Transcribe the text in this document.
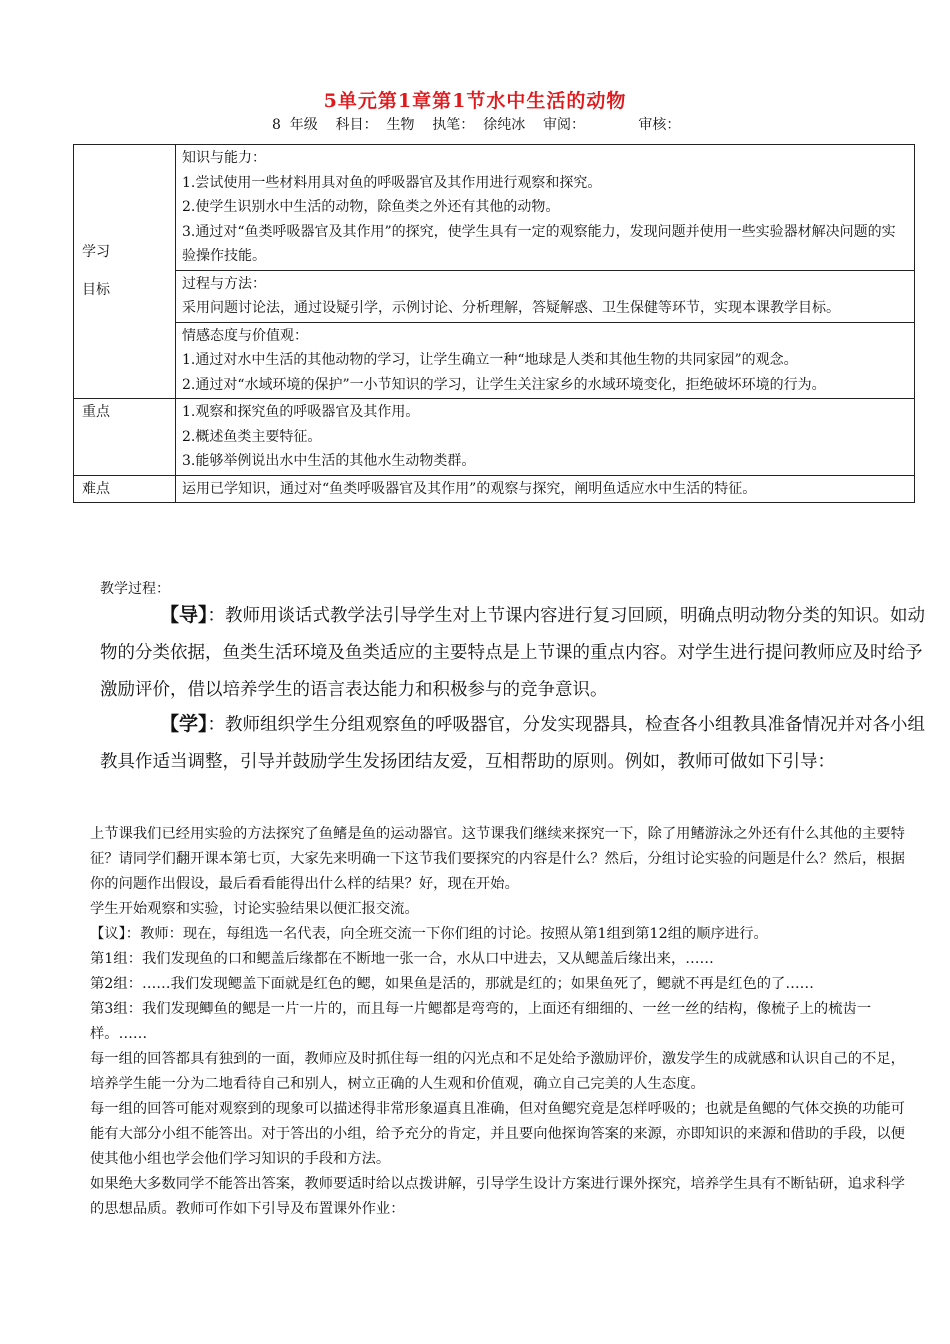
5单元第1章第1节水中生活的动物
8  年级    科目：  生物    执笔：  徐纯冰    审阅：            审核：
学习
目标	知识与能力：
1.尝试使用一些材料用具对鱼的呼吸器官及其作用进行观察和探究。
2.使学生识别水中生活的动物，除鱼类之外还有其他的动物。
3.通过对“鱼类呼吸器官及其作用”的探究，使学生具有一定的观察能力，发现问题并使用一些实验器材解决问题的实验操作技能。

	过程与方法：
采用问题讨论法，通过设疑引学，示例讨论、分析理解，答疑解惑、卫生保健等环节，实现本课教学目标。

	情感态度与价值观：
1.通过对水中生活的其他动物的学习，让学生确立一种“地球是人类和其他生物的共同家园”的观念。
2.通过对“水域环境的保护”一小节知识的学习，让学生关注家乡的水域环境变化，拒绝破坏环境的行为。

重点	1.观察和探究鱼的呼吸器官及其作用。
2.概述鱼类主要特征。
3.能够举例说出水中生活的其他水生动物类群。

难点	运用已学知识，通过对“鱼类呼吸器官及其作用”的观察与探究，阐明鱼适应水中生活的特征。
教学过程：
【导】：教师用谈话式教学法引导学生对上节课内容进行复习回顾，明确点明动物分类的知识。如动物的分类依据，鱼类生活环境及鱼类适应的主要特点是上节课的重点内容。对学生进行提问教师应及时给予激励评价，借以培养学生的语言表达能力和积极参与的竞争意识。
【学】：教师组织学生分组观察鱼的呼吸器官，分发实现器具，检查各小组教具准备情况并对各小组教具作适当调整，引导并鼓励学生发扬团结友爱，互相帮助的原则。例如，教师可做如下引导：

上节课我们已经用实验的方法探究了鱼鳍是鱼的运动器官。这节课我们继续来探究一下，除了用鳍游泳之外还有什么其他的主要特征？请同学们翻开课本第七页，大家先来明确一下这节我们要探究的内容是什么？然后，分组讨论实验的问题是什么？然后，根据你的问题作出假设，最后看看能得出什么样的结果？好，现在开始。

学生开始观察和实验，讨论实验结果以便汇报交流。

【议】：教师：现在，每组选一名代表，向全班交流一下你们组的讨论。按照从第1组到第12组的顺序进行。

第1组：我们发现鱼的口和鳃盖后缘都在不断地一张一合，水从口中进去，又从鳃盖后缘出来，……

第2组：……我们发现鳃盖下面就是红色的鳃，如果鱼是活的，那就是红的；如果鱼死了，鳃就不再是红色的了……

第3组：我们发现鲫鱼的鳃是一片一片的，而且每一片鳃都是弯弯的，上面还有细细的、一丝一丝的结构，像梳子上的梳齿一样。……

每一组的回答都具有独到的一面，教师应及时抓住每一组的闪光点和不足处给予激励评价，激发学生的成就感和认识自己的不足，培养学生能一分为二地看待自己和别人，树立正确的人生观和价值观，确立自己完美的人生态度。

每一组的回答可能对观察到的现象可以描述得非常形象逼真且准确，但对鱼鳃究竟是怎样呼吸的；也就是鱼鳃的气体交换的功能可能有大部分小组不能答出。对于答出的小组，给予充分的肯定，并且要向他探询答案的来源，亦即知识的来源和借助的手段，以便使其他小组也学会他们学习知识的手段和方法。

如果绝大多数同学不能答出答案，教师要适时给以点拨讲解，引导学生设计方案进行课外探究，培养学生具有不断钻研，追求科学的思想品质。教师可作如下引导及布置课外作业：
